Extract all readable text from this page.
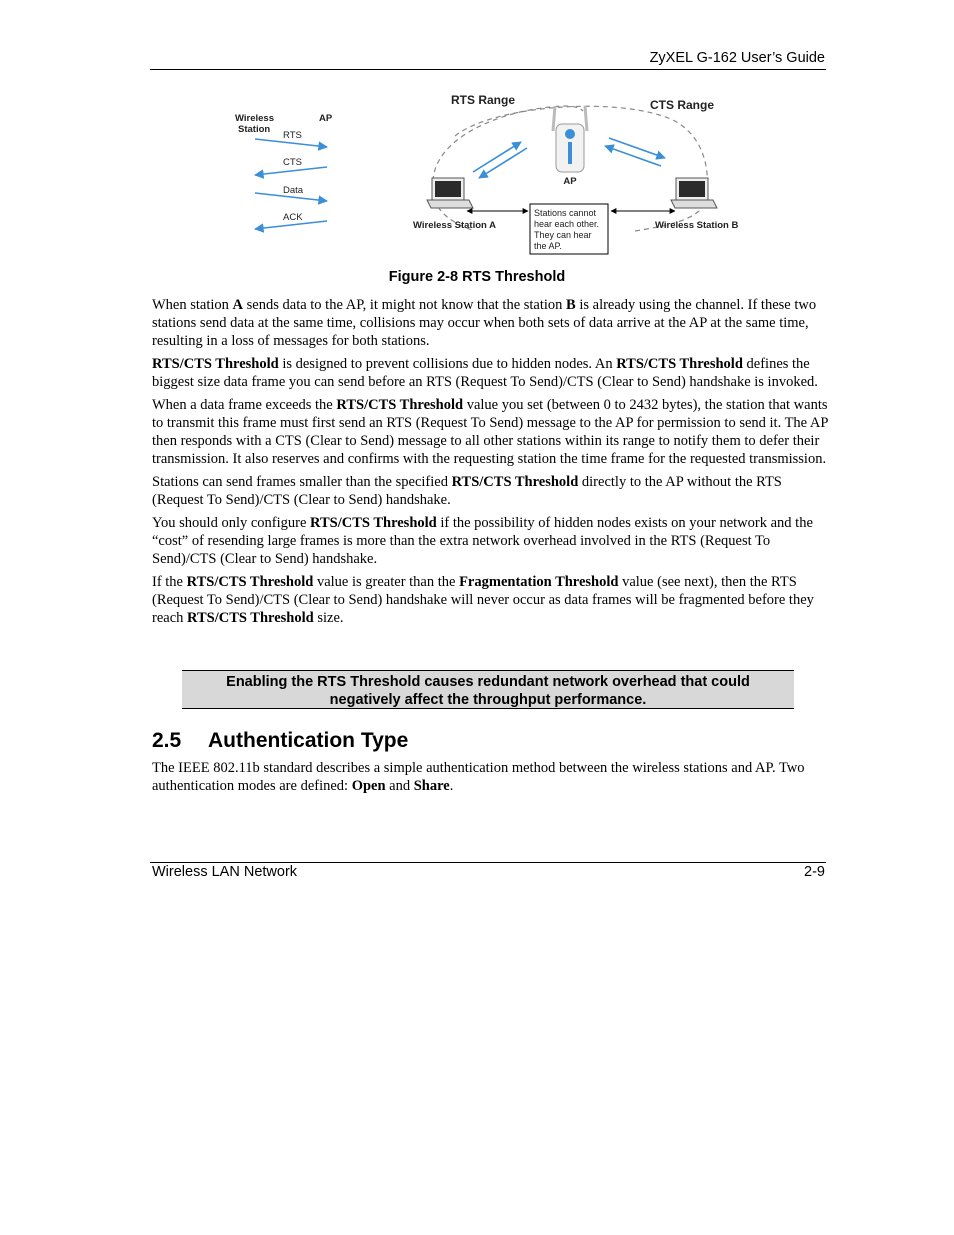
ZyXEL G-162 User’s Guide
Wireless
Station
AP
RTS
CTS
Data
ACK
RTS Range	CTS Range
AP
Stations cannot
hear each other.
They can hear
the AP.
Wireless Station A	Wireless Station B
Figure 2-8 RTS Threshold

When station A sends data to the AP, it might not know that the station B is already using the channel. If these two stations send data at the same time, collisions may occur when both sets of data arrive at the AP at the same time, resulting in a loss of messages for both stations.

RTS/CTS Threshold is designed to prevent collisions due to hidden nodes. An RTS/CTS Threshold defines the biggest size data frame you can send before an RTS (Request To Send)/CTS (Clear to Send) handshake is invoked.

When a data frame exceeds the RTS/CTS Threshold value you set (between 0 to 2432 bytes), the station that wants to transmit this frame must first send an RTS (Request To Send) message to the AP for permission to send it. The AP then responds with a CTS (Clear to Send) message to all other stations within its range to notify them to defer their transmission. It also reserves and confirms with the requesting station the time frame for the requested transmission.

Stations can send frames smaller than the specified RTS/CTS Threshold directly to the AP without the RTS (Request To Send)/CTS (Clear to Send) handshake.

You should only configure RTS/CTS Threshold if the possibility of hidden nodes exists on your network and the “cost” of resending large frames is more than the extra network overhead involved in the RTS (Request To Send)/CTS (Clear to Send) handshake.

If the RTS/CTS Threshold value is greater than the Fragmentation Threshold value (see next), then the RTS (Request To Send)/CTS (Clear to Send) handshake will never occur as data frames will be fragmented before they reach RTS/CTS Threshold size.

Enabling the RTS Threshold causes redundant network overhead that could
negatively affect the throughput performance.
2.5 Authentication Type

The IEEE 802.11b standard describes a simple authentication method between the wireless stations and AP. Two authentication modes are defined: Open and Share.

Wireless LAN Network	2-9
